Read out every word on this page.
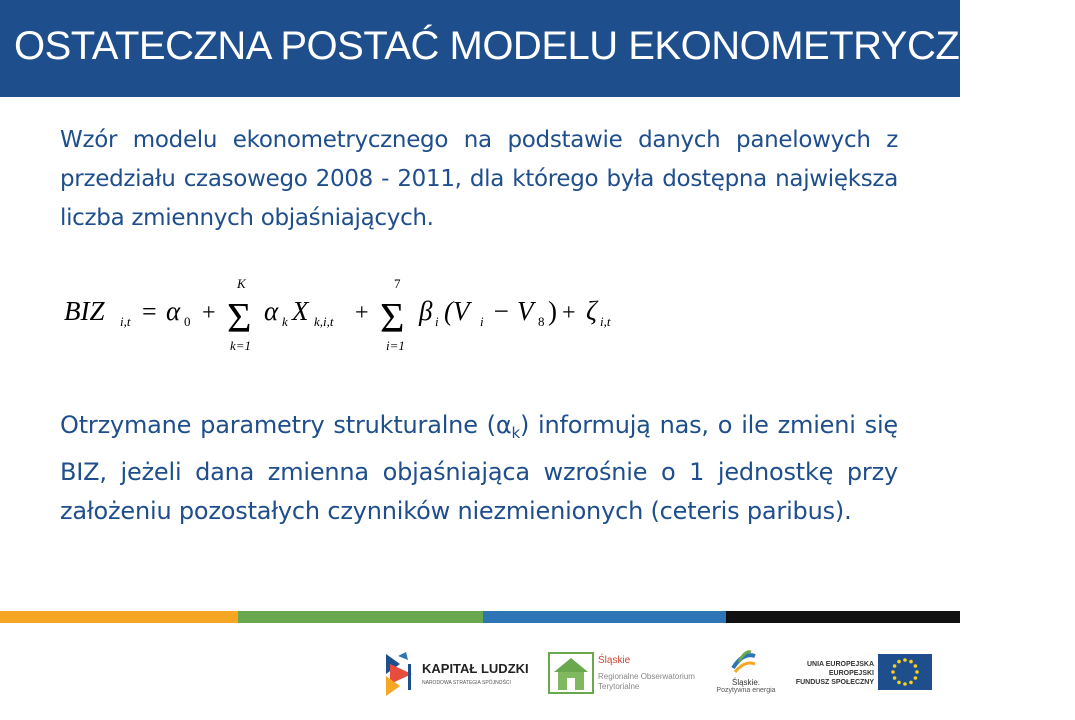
OSTATECZNA POSTAĆ MODELU EKONOMETRYCZNEGO

Wzór modelu ekonometrycznego na podstawie danych panelowych z przedziału czasowego 2008 - 2011, dla którego była dostępna największa liczba zmiennych objaśniających.

BIZ i,t = α 0 +
K
Σ
k=1
α k X k,i,t +
7
Σ
i=1
β i (V i − V 8 ) + ζ i,t

Otrzymane parametry strukturalne $(\alpha_k)$ informują nas, o ile zmieni się BIZ, jeżeli dana zmienna objaśniająca wzrośnie o 1 jednostkę przy założeniu pozostałych czynników niezmienionych (ceteris paribus).

KAPITAŁ LUDZKI
NARODOWA STRATEGIA SPÓJNOŚCI
Śląskie
Regionalne Obserwatorium Terytorialne	Śląskie.
Pozytywna energia
UNIA EUROPEJSKA
EUROPEJSKI
FUNDUSZ SPOŁECZNY
